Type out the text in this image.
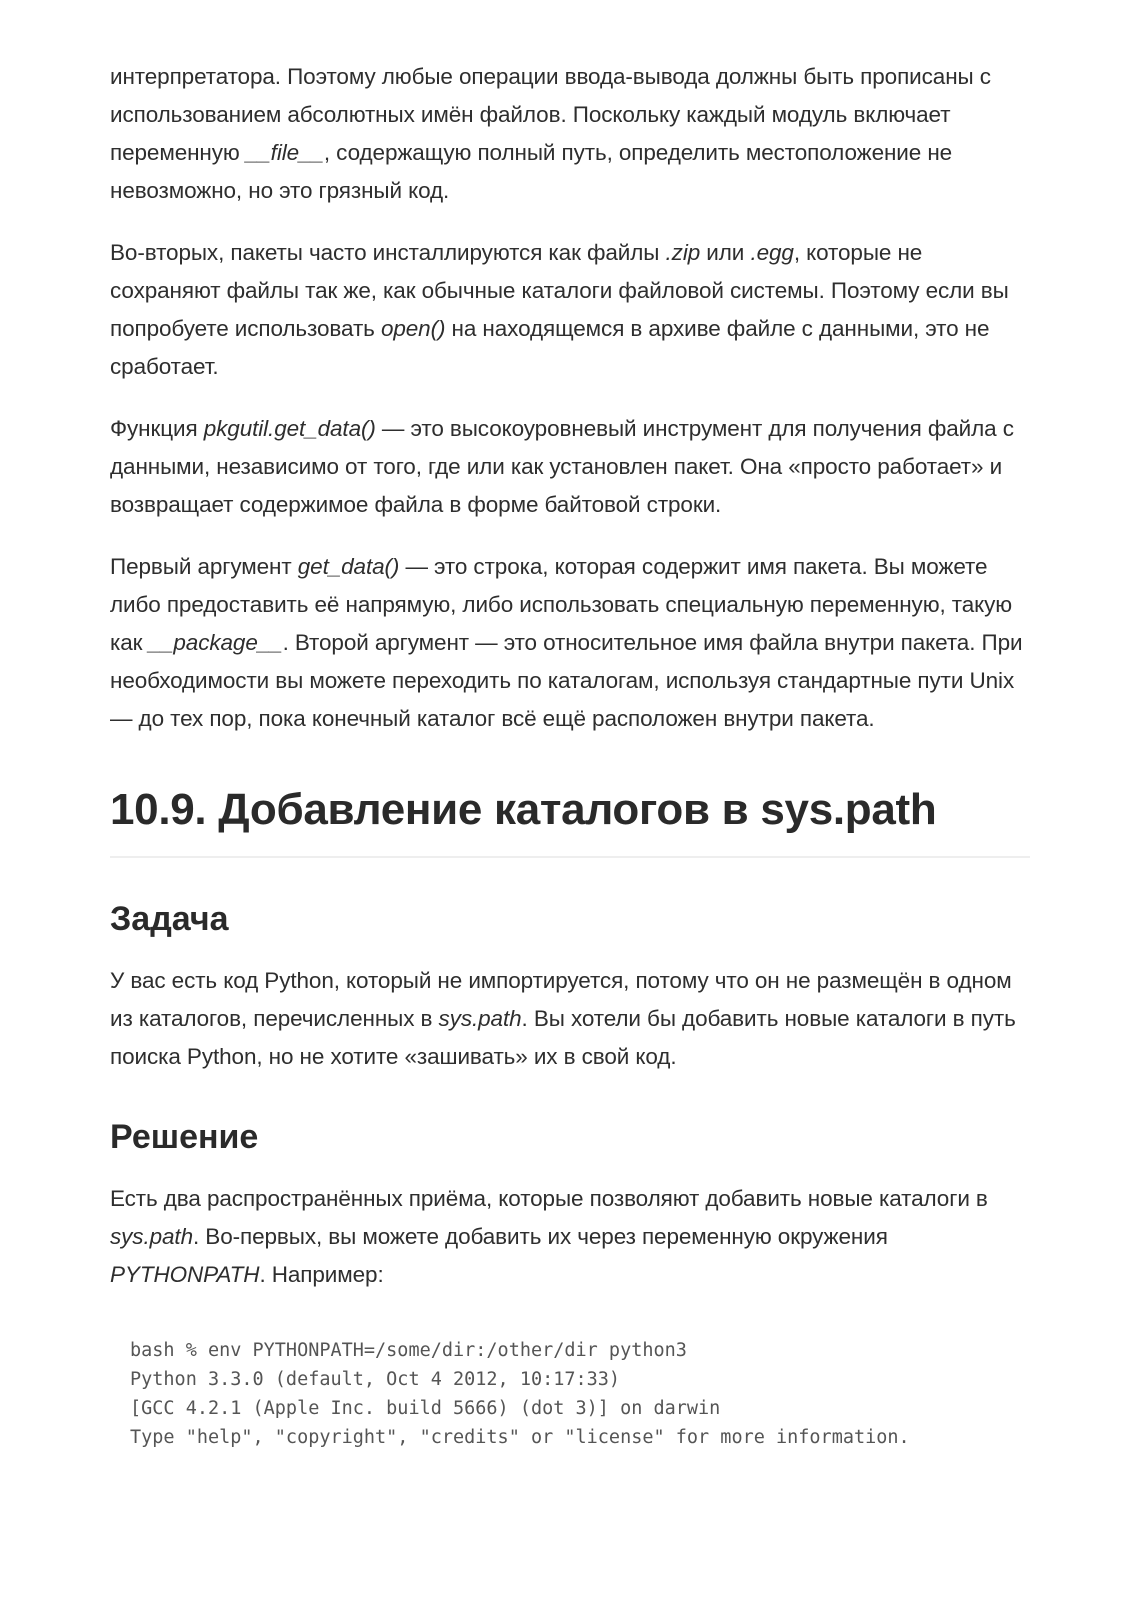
интерпретатора. Поэтому любые операции ввода-вывода должны быть прописаны с использованием абсолютных имён файлов. Поскольку каждый модуль включает переменную __file__, содержащую полный путь, определить местоположение не невозможно, но это грязный код.

Во-вторых, пакеты часто инсталлируются как файлы .zip или .egg, которые не сохраняют файлы так же, как обычные каталоги файловой системы. Поэтому если вы попробуете использовать open() на находящемся в архиве файле с данными, это не сработает.

Функция pkgutil.get_data() — это высокоуровневый инструмент для получения файла с данными, независимо от того, где или как установлен пакет. Она «просто работает» и возвращает содержимое файла в форме байтовой строки.

Первый аргумент get_data() — это строка, которая содержит имя пакета. Вы можете либо предоставить её напрямую, либо использовать специальную переменную, такую как __package__. Второй аргумент — это относительное имя файла внутри пакета. При необходимости вы можете переходить по каталогам, используя стандартные пути Unix — до тех пор, пока конечный каталог всё ещё расположен внутри пакета.

10.9. Добавление каталогов в sys.path
Задача

У вас есть код Python, который не импортируется, потому что он не размещён в одном из каталогов, перечисленных в sys.path. Вы хотели бы добавить новые каталоги в путь поиска Python, но не хотите «зашивать» их в свой код.

Решение

Есть два распространённых приёма, которые позволяют добавить новые каталоги в sys.path. Во-первых, вы можете добавить их через переменную окружения PYTHONPATH. Например:

bash % env PYTHONPATH=/some/dir:/other/dir python3
Python 3.3.0 (default, Oct 4 2012, 10:17:33)
[GCC 4.2.1 (Apple Inc. build 5666) (dot 3)] on darwin
Type "help", "copyright", "credits" or "license" for more information.
